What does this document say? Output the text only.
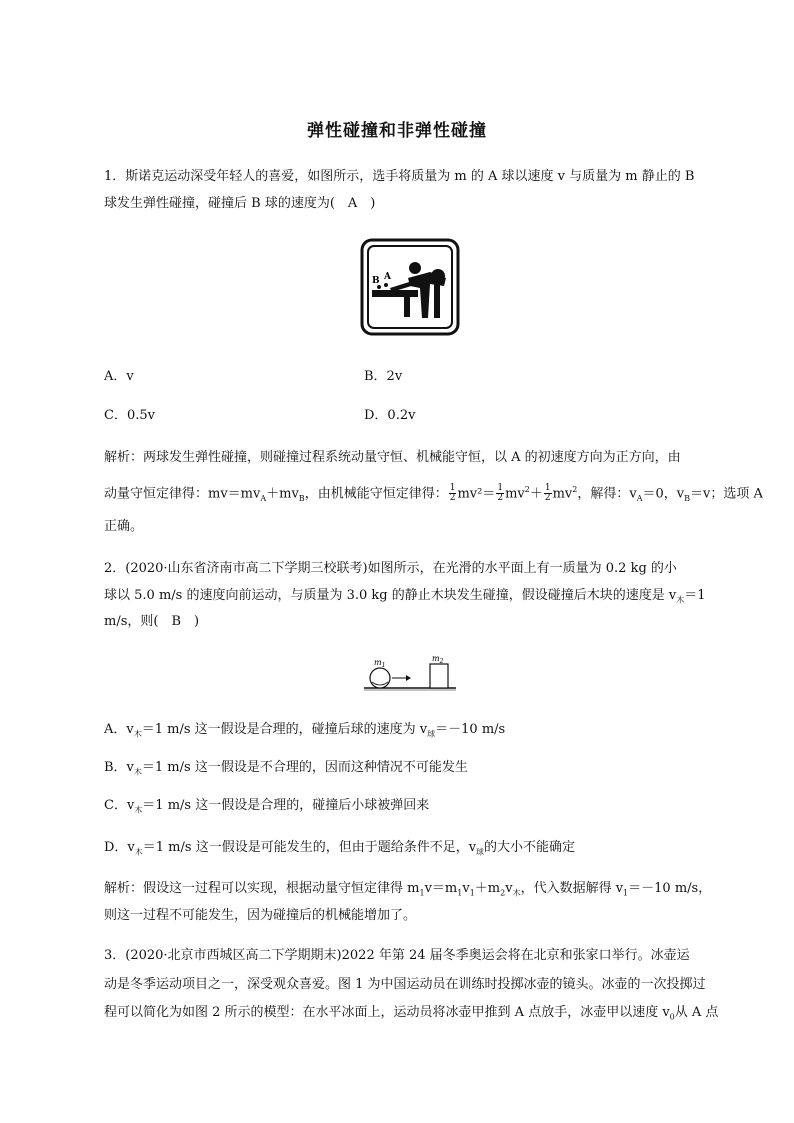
弹性碰撞和非弹性碰撞
1．斯诺克运动深受年轻人的喜爱，如图所示，选手将质量为 m 的 A 球以速度 v 与质量为 m 静止的 B
球发生弹性碰撞，碰撞后 B 球的速度为(　A　)
B A
A．v	B．2v
C．0.5v	D．0.2v
解析：两球发生弹性碰撞，则碰撞过程系统动量守恒、机械能守恒，以 A 的初速度方向为正方向，由
动量守恒定律得：$mv=mv_A+mv_B$，由机械能守恒定律得： $\frac{1}{2} mv^2= \frac{1}{2} mv^2+ \frac{1}{2} mv^2$，解得：$v_A=0$，$v_B=v$；选项 A
正确。
2．(2020·山东省济南市高二下学期三校联考)如图所示，在光滑的水平面上有一质量为 0.2 kg 的小
球以 5.0 m/s 的速度向前运动，与质量为 3.0 kg 的静止木块发生碰撞，假设碰撞后木块的速度是 $v_木=1$
m/s，则(　B　)
$m_1$
$m_2$
A．$v_木=1$ m/s 这一假设是合理的，碰撞后球的速度为 $v_球=-10$ m/s
B．$v_木=1$ m/s 这一假设是不合理的，因而这种情况不可能发生
C．$v_木=1$ m/s 这一假设是合理的，碰撞后小球被弹回来
D．$v_木=1$ m/s 这一假设是可能发生的，但由于题给条件不足，$v_球$的大小不能确定
解析：假设这一过程可以实现，根据动量守恒定律得 $m_1v=m_1v_1+m_2v_木$，代入数据解得 $v_1=-10$ m/s，
则这一过程不可能发生，因为碰撞后的机械能增加了。
3．(2020·北京市西城区高二下学期期末)2022 年第 24 届冬季奥运会将在北京和张家口举行。冰壶运
动是冬季运动项目之一，深受观众喜爱。图 1 为中国运动员在训练时投掷冰壶的镜头。冰壶的一次投掷过
程可以简化为如图 2 所示的模型：在水平冰面上，运动员将冰壶甲推到 A 点放手，冰壶甲以速度 $v_0$从 A 点
